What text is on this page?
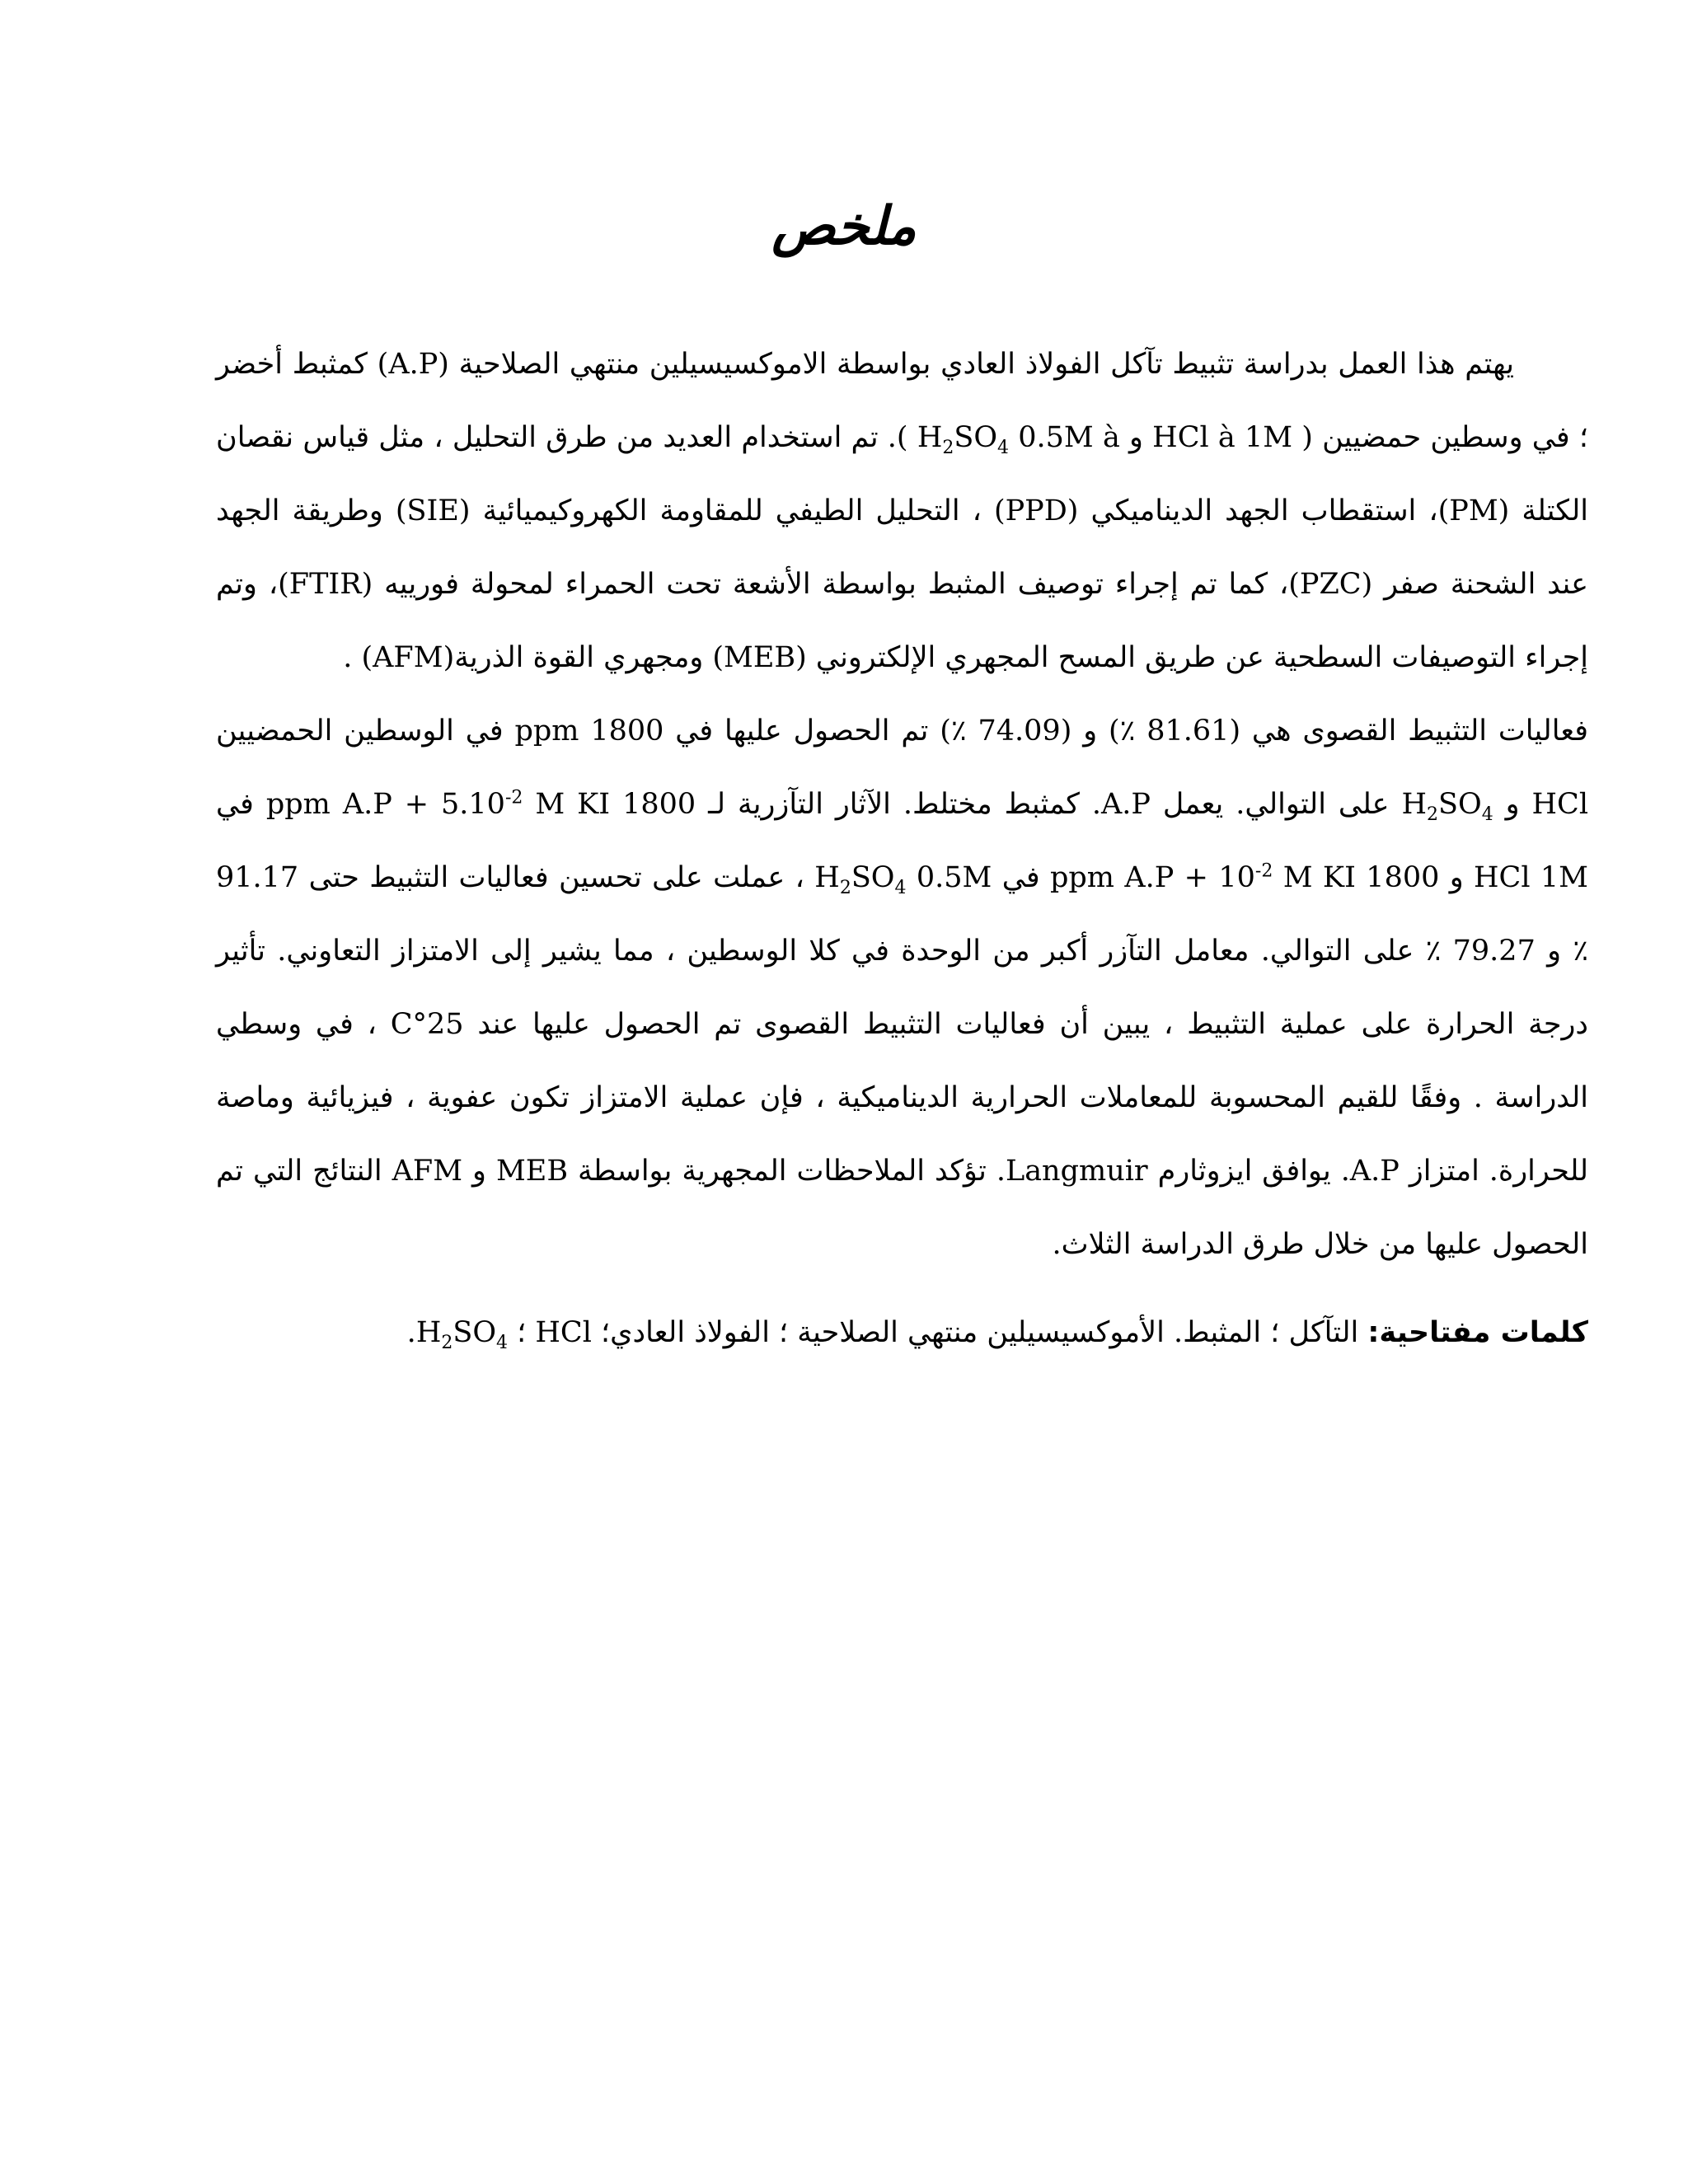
ملخص

يهتم هذا العمل بدراسة تثبيط تآكل الفولاذ العادي بواسطة الاموكسيسيلين منتهي الصلاحية (A.P) كمثبط أخضر ؛ في وسطين حمضيين ( HCl à 1M و 0.5M à $H_2SO_4$ ). تم استخدام العديد من طرق التحليل ، مثل قياس نقصان الكتلة (PM)، استقطاب الجهد الديناميكي (PPD) ، التحليل الطيفي للمقاومة الكهروكيميائية (SIE) وطريقة الجهد عند الشحنة صفر (PZC)، كما تم إجراء توصيف المثبط بواسطة الأشعة تحت الحمراء لمحولة فورييه (FTIR)، وتم إجراء التوصيفات السطحية عن طريق المسح المجهري الإلكتروني (MEB) ومجهري القوة الذرية(AFM) .

فعاليات التثبيط القصوى هي (81.61 ٪) و (74.09 ٪) تم الحصول عليها في 1800 ppm في الوسطين الحمضيين HCl و $H_2SO_4$ على التوالي. يعمل A.P. كمثبط مختلط. الآثار التآزرية لـ 1800 ppm $A.P + 5.10^{-2}$ M KI في HCl 1M و 1800 ppm $A.P + 10^{-2}$ M KI في 0.5M $H_2SO_4$ ، عملت على تحسين فعاليات التثبيط حتى 91.17 ٪ و 79.27 ٪ على التوالي. معامل التآزر أكبر من الوحدة في كلا الوسطين ، مما يشير إلى الامتزاز التعاوني. تأثير درجة الحرارة على عملية التثبيط ، يبين أن فعاليات التثبيط القصوى تم الحصول عليها عند 25°C ، في وسطي الدراسة . وفقًا للقيم المحسوبة للمعاملات الحرارية الديناميكية ، فإن عملية الامتزاز تكون عفوية ، فيزيائية وماصة للحرارة. امتزاز A.P. يوافق ايزوثارم Langmuir. تؤكد الملاحظات المجهرية بواسطة MEB و AFM النتائج التي تم الحصول عليها من خلال طرق الدراسة الثلاث.

كلمات مفتاحية: التآكل ؛ المثبط. الأموكسيسيلين منتهي الصلاحية ؛ الفولاذ العادي؛ HCl ؛ $H_2SO_4$.
